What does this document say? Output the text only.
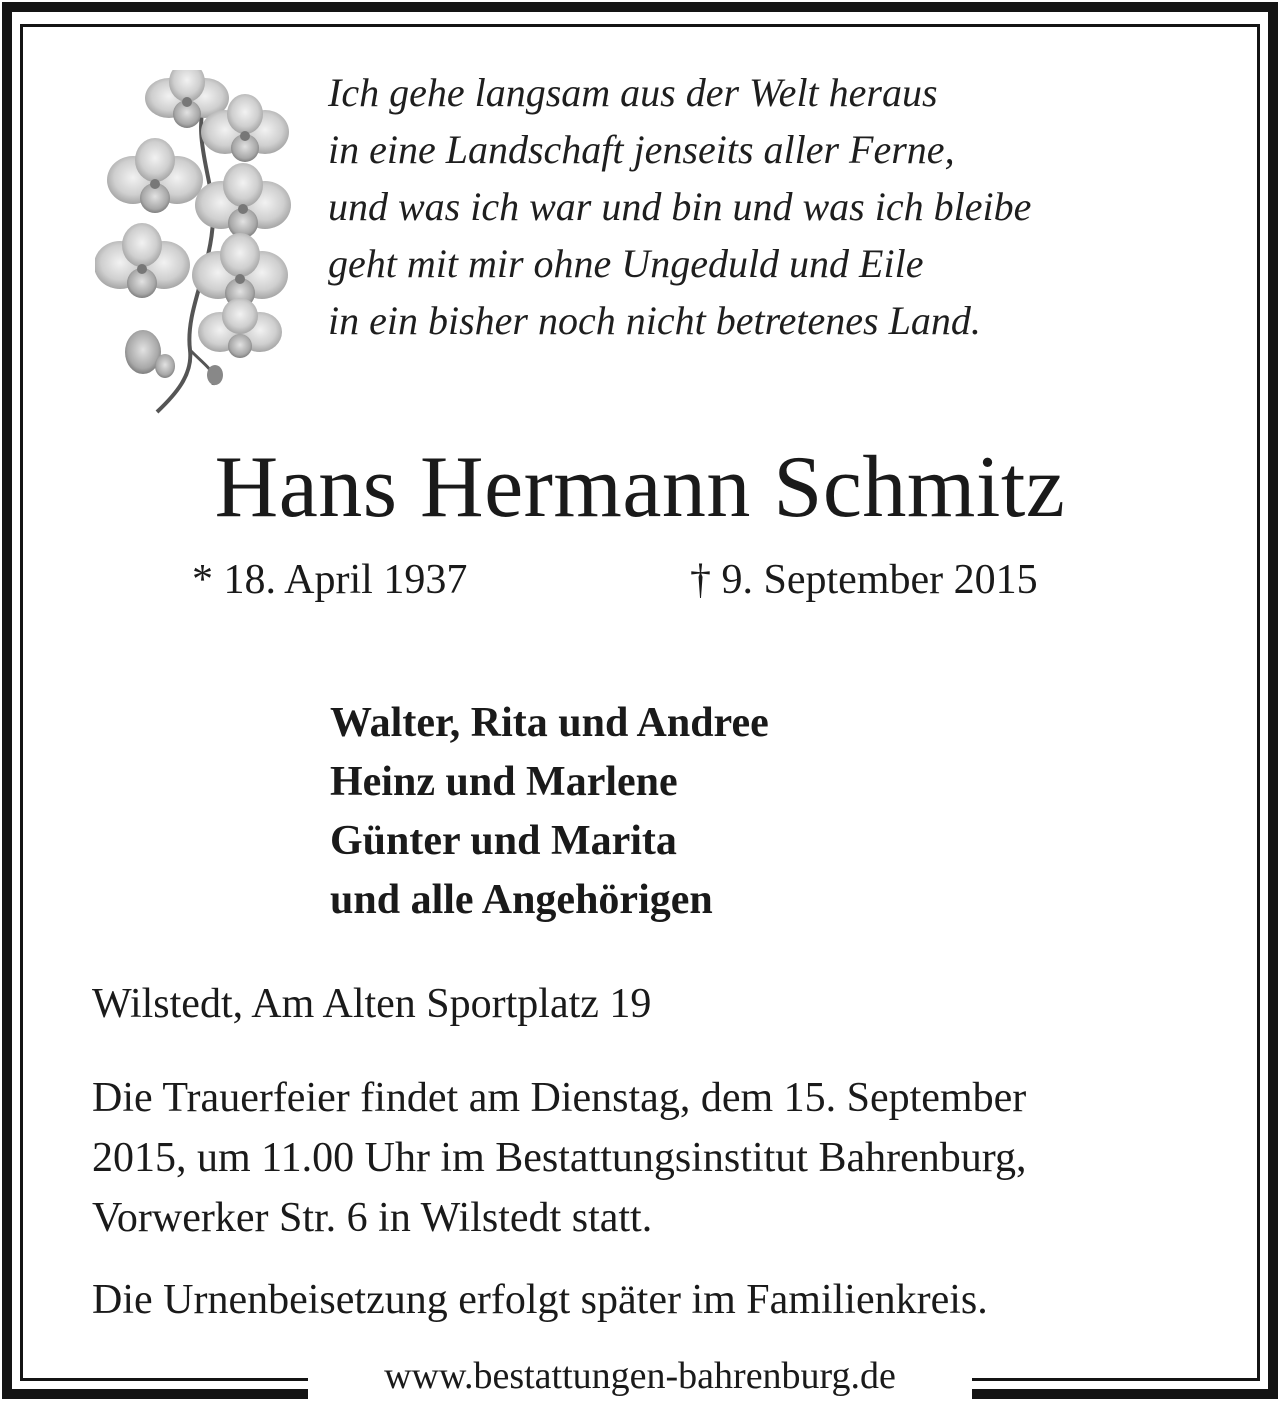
Ich gehe langsam aus der Welt heraus
in eine Landschaft jenseits aller Ferne,
und was ich war und bin und was ich bleibe
geht mit mir ohne Ungeduld und Eile
in ein bisher noch nicht betretenes Land.
Hans Hermann Schmitz
* 18. April 1937	† 9. September 2015
Walter, Rita und Andree
Heinz und Marlene
Günter und Marita
und alle Angehörigen
Wilstedt, Am Alten Sportplatz 19
Die Trauerfeier findet am Dienstag, dem 15. September
2015, um 11.00 Uhr im Bestattungsinstitut Bahrenburg,
Vorwerker Str. 6 in Wilstedt statt.
Die Urnenbeisetzung erfolgt später im Familienkreis.
www.bestattungen-bahrenburg.de
